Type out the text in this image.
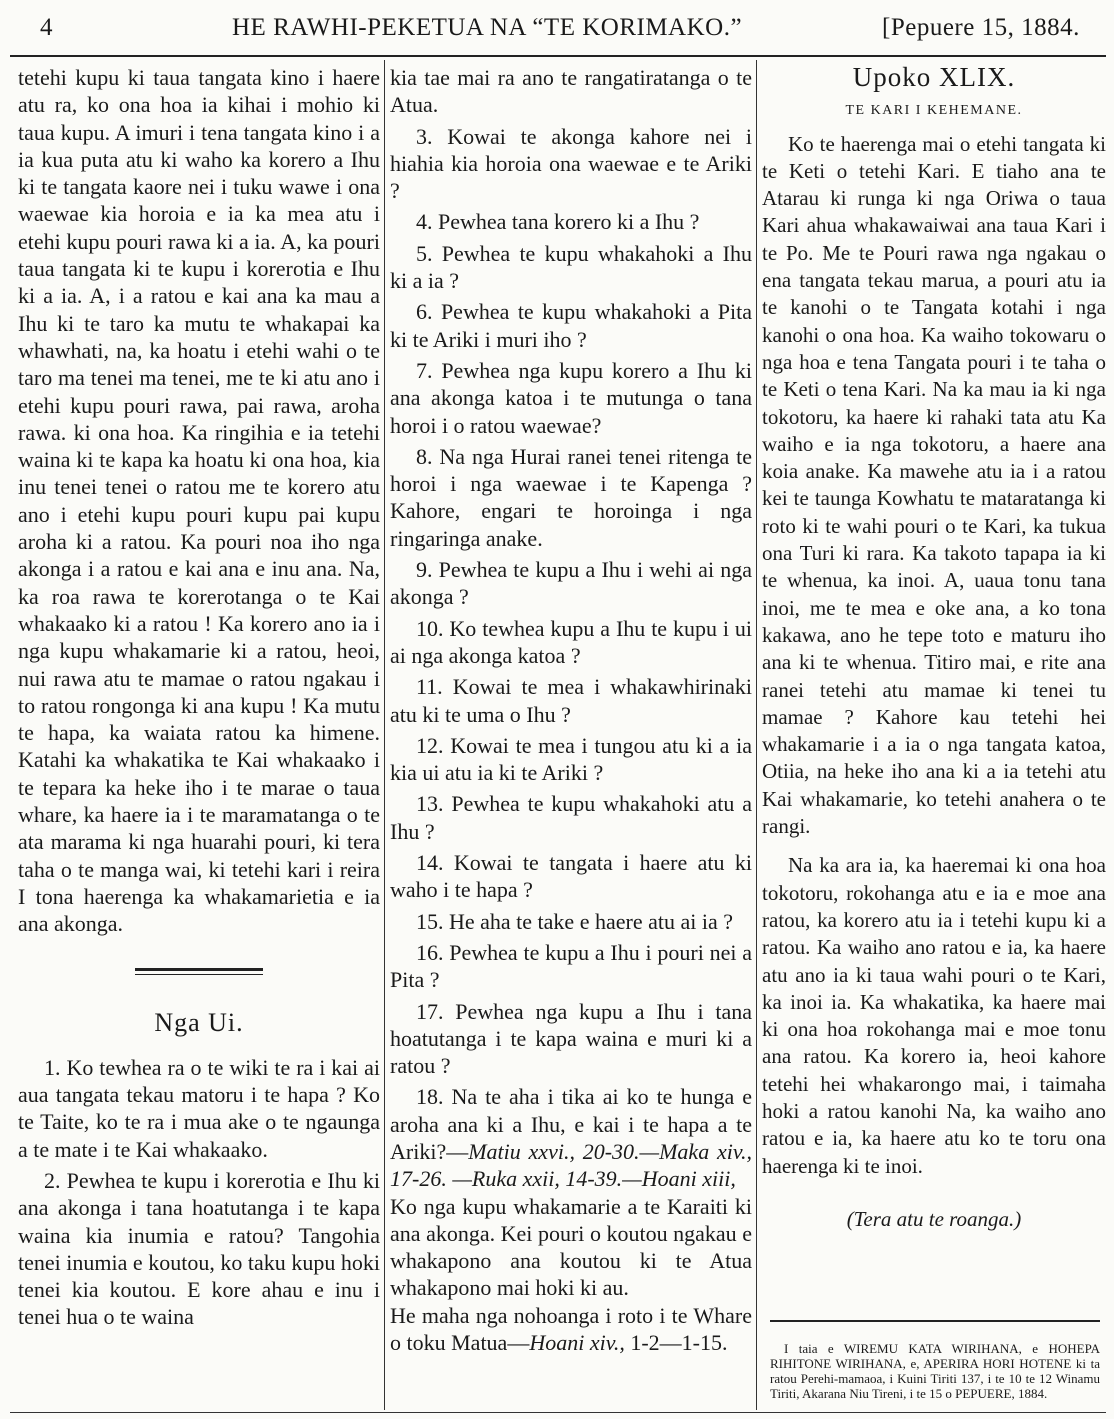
4	HE RAWHI-PEKETUA NA “TE KORIMAKO.”	[Pepuere 15, 1884.

tetehi kupu ki taua tangata kino i haere atu ra, ko ona hoa ia kihai i mohio ki taua kupu. A imuri i tena tangata kino i a ia kua puta atu ki waho ka korero a Ihu ki te tangata kaore nei i tuku wawe i ona waewae kia horoia e ia ka mea atu i etehi kupu pouri rawa ki a ia. A, ka pouri taua tangata ki te kupu i korerotia e Ihu ki a ia. A, i a ratou e kai ana ka mau a Ihu ki te taro ka mutu te whakapai ka whawhati, na, ka hoatu i etehi wahi o te taro ma tenei ma tenei, me te ki atu ano i etehi kupu pouri rawa, pai rawa, aroha rawa. ki ona hoa. Ka ringihia e ia tetehi waina ki te kapa ka hoatu ki ona hoa, kia inu tenei tenei o ratou me te korero atu ano i etehi kupu pouri kupu pai kupu aroha ki a ratou. Ka pouri noa iho nga akonga i a ratou e kai ana e inu ana. Na, ka roa rawa te korerotanga o te Kai whakaako ki a ratou ! Ka korero ano ia i nga kupu whakamarie ki a ratou, heoi, nui rawa atu te mamae o ratou ngakau i to ratou rongonga ki ana kupu ! Ka mutu te hapa, ka waiata ratou ka himene. Katahi ka whakatika te Kai whakaako i te tepara ka heke iho i te marae o taua whare, ka haere ia i te maramatanga o te ata marama ki nga huarahi pouri, ki tera taha o te manga wai, ki tetehi kari i reira I tona haerenga ka whakamarietia e ia ana akonga.

Nga Ui.

1. Ko tewhea ra o te wiki te ra i kai ai aua tangata tekau matoru i te hapa ? Ko te Taite, ko te ra i mua ake o te ngaunga a te mate i te Kai whakaako.

2. Pewhea te kupu i korerotia e Ihu ki ana akonga i tana hoatutanga i te kapa waina kia inumia e ratou? Tangohia tenei inumia e koutou, ko taku kupu hoki tenei kia koutou. E kore ahau e inu i tenei hua o te waina

kia tae mai ra ano te rangatiratanga o te Atua.

3. Kowai te akonga kahore nei i hiahia kia horoia ona waewae e te Ariki ?

4. Pewhea tana korero ki a Ihu ?

5. Pewhea te kupu whakahoki a Ihu ki a ia ?

6. Pewhea te kupu whakahoki a Pita ki te Ariki i muri iho ?

7. Pewhea nga kupu korero a Ihu ki ana akonga katoa i te mutunga o tana horoi i o ratou waewae?

8. Na nga Hurai ranei tenei ritenga te horoi i nga waewae i te Kapenga ? Kahore, engari te horoinga i nga ringaringa anake.

9. Pewhea te kupu a Ihu i wehi ai nga akonga ?

10. Ko tewhea kupu a Ihu te kupu i ui ai nga akonga katoa ?

11. Kowai te mea i whakawhirinaki atu ki te uma o Ihu ?

12. Kowai te mea i tungou atu ki a ia kia ui atu ia ki te Ariki ?

13. Pewhea te kupu whakahoki atu a Ihu ?

14. Kowai te tangata i haere atu ki waho i te hapa ?

15. He aha te take e haere atu ai ia ?

16. Pewhea te kupu a Ihu i pouri nei a Pita ?

17. Pewhea nga kupu a Ihu i tana hoatutanga i te kapa waina e muri ki a ratou ?

18. Na te aha i tika ai ko te hunga e aroha ana ki a Ihu, e kai i te hapa a te Ariki?—Matiu xxvi., 20-30.—Maka xiv., 17-26. —Ruka xxii, 14-39.—Hoani xiii,

Ko nga kupu whakamarie a te Karaiti ki ana akonga. Kei pouri o koutou ngakau e whakapono ana koutou ki te Atua whakapono mai hoki ki au.

He maha nga nohoanga i roto i te Whare o toku Matua—Hoani xiv., 1-2—1-15.

Upoko XLIX.

TE KARI I KEHEMANE.

Ko te haerenga mai o etehi tangata ki te Keti o tetehi Kari. E tiaho ana te Atarau ki runga ki nga Oriwa o taua Kari ahua whakawaiwai ana taua Kari i te Po. Me te Pouri rawa nga ngakau o ena tangata tekau marua, a pouri atu ia te kanohi o te Tangata kotahi i nga kanohi o ona hoa. Ka waiho tokowaru o nga hoa e tena Tangata pouri i te taha o te Keti o tena Kari. Na ka mau ia ki nga tokotoru, ka haere ki rahaki tata atu Ka waiho e ia nga tokotoru, a haere ana koia anake. Ka mawehe atu ia i a ratou kei te taunga Kowhatu te mataratanga ki roto ki te wahi pouri o te Kari, ka tukua ona Turi ki rara. Ka takoto tapapa ia ki te whenua, ka inoi. A, uaua tonu tana inoi, me te mea e oke ana, a ko tona kakawa, ano he tepe toto e maturu iho ana ki te whenua. Titiro mai, e rite ana ranei tetehi atu mamae ki tenei tu mamae ? Kahore kau tetehi hei whakamarie i a ia o nga tangata katoa, Otiia, na heke iho ana ki a ia tetehi atu Kai whakamarie, ko tetehi anahera o te rangi.

Na ka ara ia, ka haeremai ki ona hoa tokotoru, rokohanga atu e ia e moe ana ratou, ka korero atu ia i tetehi kupu ki a ratou. Ka waiho ano ratou e ia, ka haere atu ano ia ki taua wahi pouri o te Kari, ka inoi ia. Ka whakatika, ka haere mai ki ona hoa rokohanga mai e moe tonu ana ratou. Ka korero ia, heoi kahore tetehi hei whakarongo mai, i taimaha hoki a ratou kanohi Na, ka waiho ano ratou e ia, ka haere atu ko te toru ona haerenga ki te inoi.

(Tera atu te roanga.)

I taia e WIREMU KATA WIRIHANA, e HOHEPA RIHITONE WIRIHANA, e, APERIRA HORI HOTENE ki ta ratou Perehi-mamaoa, i Kuini Tiriti 137, i te 10 te 12 Winamu Tiriti, Akarana Niu Tireni, i te 15 o PEPUERE, 1884.
